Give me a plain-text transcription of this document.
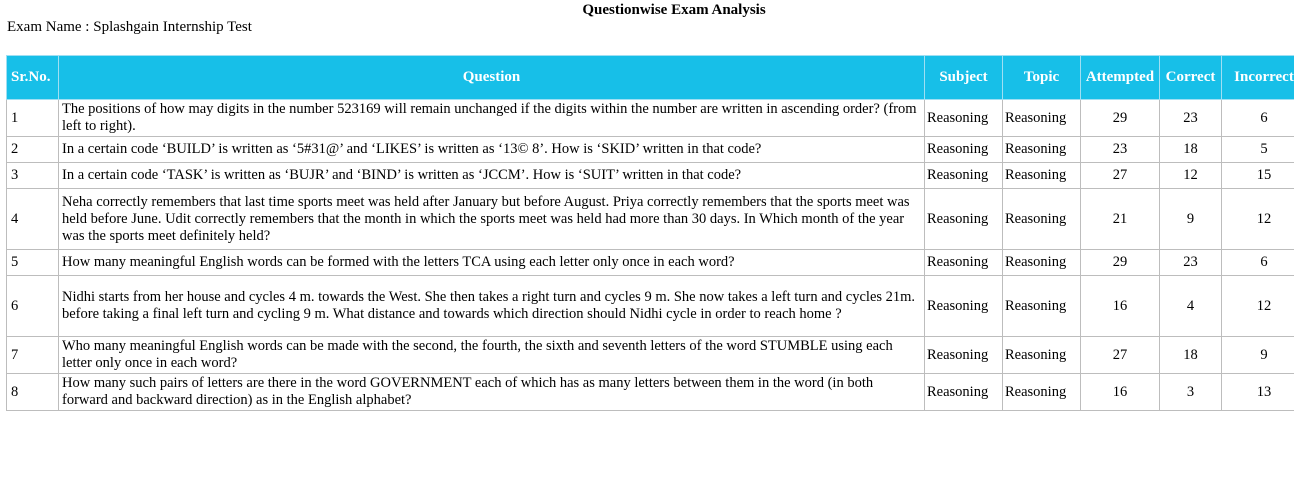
Questionwise Exam Analysis
Exam Name : Splashgain Internship Test
Sr.No.	Question	Subject	Topic	Attempted	Correct	Incorrect
1	The positions of how may digits in the number 523169 will remain unchanged if the digits within the number are written in ascending order? (from left to right).	Reasoning	Reasoning	29	23	6
2	In a certain code ‘BUILD’ is written as ‘5#31@’ and ‘LIKES’ is written as ‘13© 8’. How is ‘SKID’ written in that code?	Reasoning	Reasoning	23	18	5
3	In a certain code ‘TASK’ is written as ‘BUJR’ and ‘BIND’ is written as ‘JCCM’. How is ‘SUIT’ written in that code?	Reasoning	Reasoning	27	12	15
4	Neha correctly remembers that last time sports meet was held after January but before August. Priya correctly remembers that the sports meet was held before June. Udit correctly remembers that the month in which the sports meet was held had more than 30 days. In Which month of the year was the sports meet definitely held?	Reasoning	Reasoning	21	9	12
5	How many meaningful English words can be formed with the letters TCA using each letter only once in each word?	Reasoning	Reasoning	29	23	6
6	Nidhi starts from her house and cycles 4 m. towards the West. She then takes a right turn and cycles 9 m. She now takes a left turn and cycles 21m. before taking a final left turn and cycling 9 m. What distance and towards which direction should Nidhi cycle in order to reach home ?	Reasoning	Reasoning	16	4	12
7	Who many meaningful English words can be made with the second, the fourth, the sixth and seventh letters of the word STUMBLE using each letter only once in each word?	Reasoning	Reasoning	27	18	9
8	How many such pairs of letters are there in the word GOVERNMENT each of which has as many letters between them in the word (in both forward and backward direction) as in the English alphabet?	Reasoning	Reasoning	16	3	13
